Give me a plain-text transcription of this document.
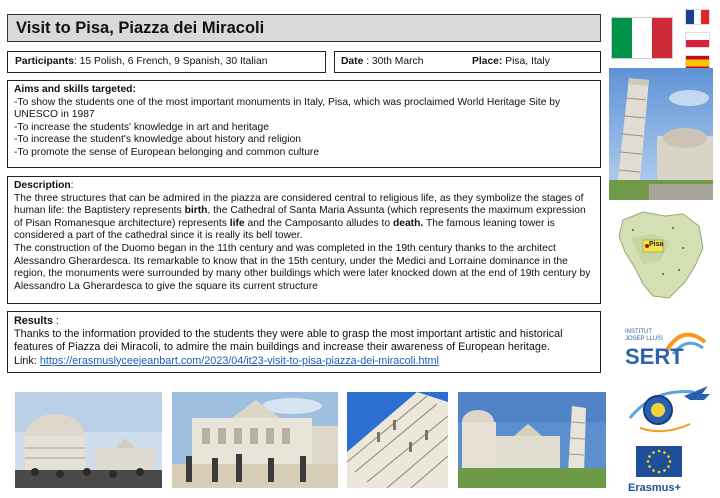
Visit to Pisa, Piazza dei Miracoli
Participants: 15 Polish, 6 French, 9 Spanish, 30 Italian	Date : 30th March	Place: Pisa, Italy
Aims and skills targeted:
-To show the students one of the most important monuments in Italy, Pisa, which was proclaimed World Heritage Site by UNESCO in 1987
-To increase the students' knowledge in art and heritage
-To increase the student's knowledge about history and religion
-To promote the sense of European belonging and common culture
Description:
The three structures that can be admired in the piazza are considered central to religious life, as they symbolize the stages of human life: the Baptistery represents birth, the Cathedral of Santa Maria Assunta (which represents the maximum expression of Pisan Romanesque architecture) represents life and the Camposanto alludes to death. The famous leaning tower is considered a part of the cathedral since it is really its bell tower.
The construction of the Duomo began in the 11th century and was completed in the 19th century thanks to the architect Alessandro Gherardesca. Its remarkable to know that in the 15th century, under the Medici and Lorraine dominance in the region, the monuments were surrounded by many other buildings which were later knocked down at the end of 19th century by Alessandro La Gherardesca to give the square its current structure
Results :
Thanks to the information provided to the students they were able to grasp the most important artistic and historical features of Piazza dei Miracoli, to admire the main buildings and increase their awareness of European heritage.
Link: https://erasmuslyceejeanbart.com/2023/04/it23-visit-to-pisa-piazza-dei-miracoli.html
Pisa
INSTITUT JOSEP LLUÍS
SERT
Erasmus+
